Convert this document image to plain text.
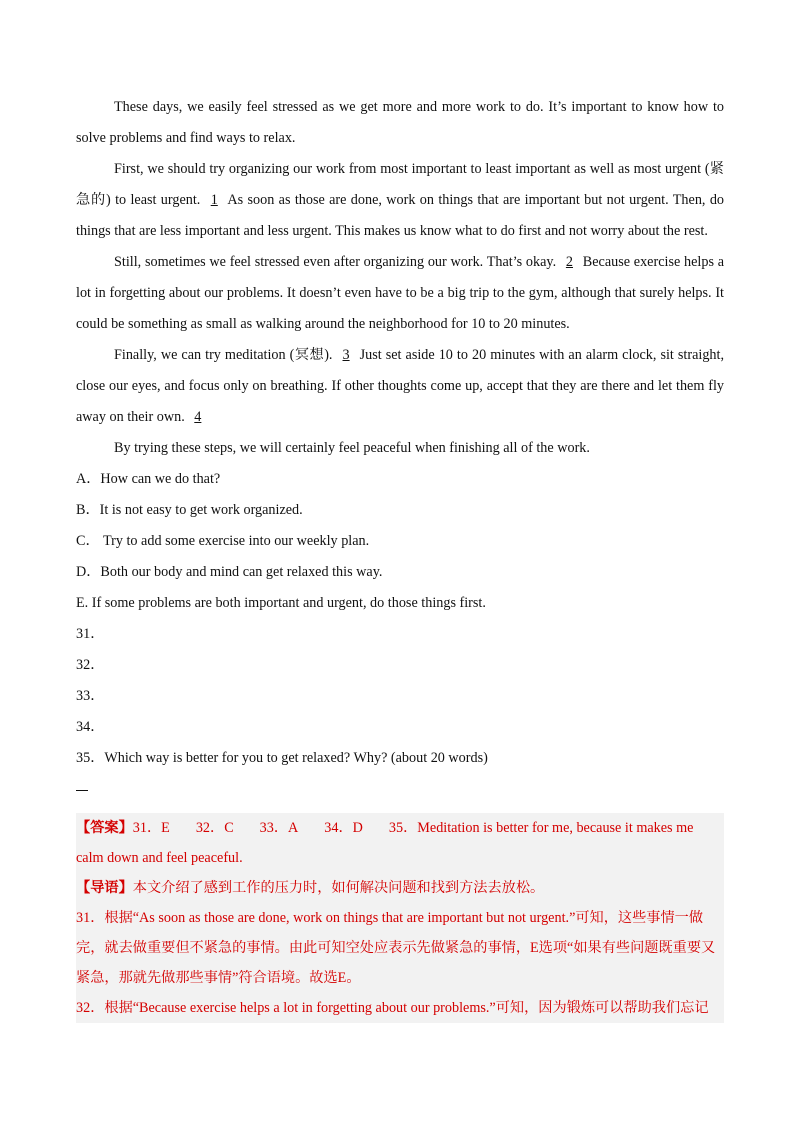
These days, we easily feel stressed as we get more and more work to do. It’s important to know how to solve problems and find ways to relax.

First, we should try organizing our work from most important to least important as well as most urgent (紧急的) to least urgent. 1 As soon as those are done, work on things that are important but not urgent. Then, do things that are less important and less urgent. This makes us know what to do first and not worry about the rest.

Still, sometimes we feel stressed even after organizing our work. That’s okay. 2 Because exercise helps a lot in forgetting about our problems. It doesn’t even have to be a big trip to the gym, although that surely helps. It could be something as small as walking around the neighborhood for 10 to 20 minutes.

Finally, we can try meditation (冥想). 3 Just set aside 10 to 20 minutes with an alarm clock, sit straight, close our eyes, and focus only on breathing. If other thoughts come up, accept that they are there and let them fly away on their own. 4

By trying these steps, we will certainly feel peaceful when finishing all of the work.

A．How can we do that?

B．It is not easy to get work organized.

C． Try to add some exercise into our weekly plan.

D．Both our body and mind can get relaxed this way.

E. If some problems are both important and urgent, do those things first.

31．

32．

33．

34．

35．Which way is better for you to get relaxed? Why? (about 20 words)

【答案】31．E 32．C 33．A 34．D 35．Meditation is better for me, because it makes me calm down and feel peaceful.

【导语】本文介绍了感到工作的压力时，如何解决问题和找到方法去放松。

31．根据“As soon as those are done, work on things that are important but not urgent.”可知，这些事情一做完，就去做重要但不紧急的事情。由此可知空处应表示先做紧急的事情，E选项“如果有些问题既重要又紧急，那就先做那些事情”符合语境。故选E。

32．根据“Because exercise helps a lot in forgetting about our problems.”可知，因为锻炼可以帮助我们忘记
